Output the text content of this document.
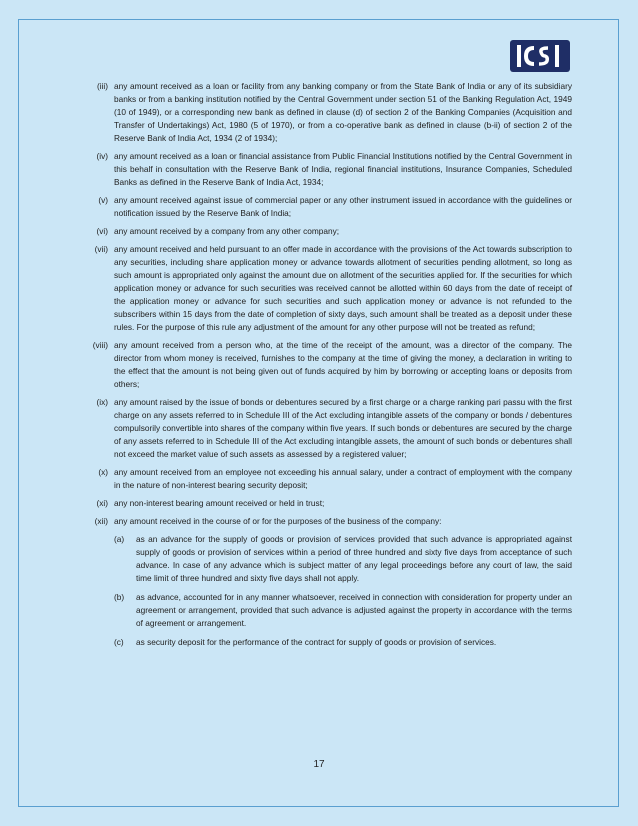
(iii) any amount received as a loan or facility from any banking company or from the State Bank of India or any of its subsidiary banks or from a banking institution notified by the Central Government under section 51 of the Banking Regulation Act, 1949 (10 of 1949), or a corresponding new bank as defined in clause (d) of section 2 of the Banking Companies (Acquisition and Transfer of Undertakings) Act, 1980 (5 of 1970), or from a co-operative bank as defined in clause (b-ii) of section 2 of the Reserve Bank of India Act, 1934 (2 of 1934);
(iv) any amount received as a loan or financial assistance from Public Financial Institutions notified by the Central Government in this behalf in consultation with the Reserve Bank of India, regional financial institutions, Insurance Companies, Scheduled Banks as defined in the Reserve Bank of India Act, 1934;
(v) any amount received against issue of commercial paper or any other instrument issued in accordance with the guidelines or notification issued by the Reserve Bank of India;
(vi) any amount received by a company from any other company;
(vii) any amount received and held pursuant to an offer made in accordance with the provisions of the Act towards subscription to any securities, including share application money or advance towards allotment of securities pending allotment, so long as such amount is appropriated only against the amount due on allotment of the securities applied for. If the securities for which application money or advance for such securities was received cannot be allotted within 60 days from the date of receipt of the application money or advance for such securities and such application money or advance is not refunded to the subscribers within 15 days from the date of completion of sixty days, such amount shall be treated as a deposit under these rules. For the purpose of this rule any adjustment of the amount for any other purpose will not be treated as refund;
(viii) any amount received from a person who, at the time of the receipt of the amount, was a director of the company. The director from whom money is received, furnishes to the company at the time of giving the money, a declaration in writing to the effect that the amount is not being given out of funds acquired by him by borrowing or accepting loans or deposits from others;
(ix) any amount raised by the issue of bonds or debentures secured by a first charge or a charge ranking pari passu with the first charge on any assets referred to in Schedule III of the Act excluding intangible assets of the company or bonds / debentures compulsorily convertible into shares of the company within five years. If such bonds or debentures are secured by the charge of any assets referred to in Schedule III of the Act excluding intangible assets, the amount of such bonds or debentures shall not exceed the market value of such assets as assessed by a registered valuer;
(x) any amount received from an employee not exceeding his annual salary, under a contract of employment with the company in the nature of non-interest bearing security deposit;
(xi) any non-interest bearing amount received or held in trust;
(xii) any amount received in the course of or for the purposes of the business of the company:
(a)	as an advance for the supply of goods or provision of services provided that such advance is appropriated against supply of goods or provision of services within a period of three hundred and sixty five days from acceptance of such advance. In case of any advance which is subject matter of any legal proceedings before any court of law, the said time limit of three hundred and sixty five days shall not apply.
(b)	as advance, accounted for in any manner whatsoever, received in connection with consideration for property under an agreement or arrangement, provided that such advance is adjusted against the property in accordance with the terms of agreement or arrangement.
(c)	as security deposit for the performance of the contract for supply of goods or provision of services.
17
